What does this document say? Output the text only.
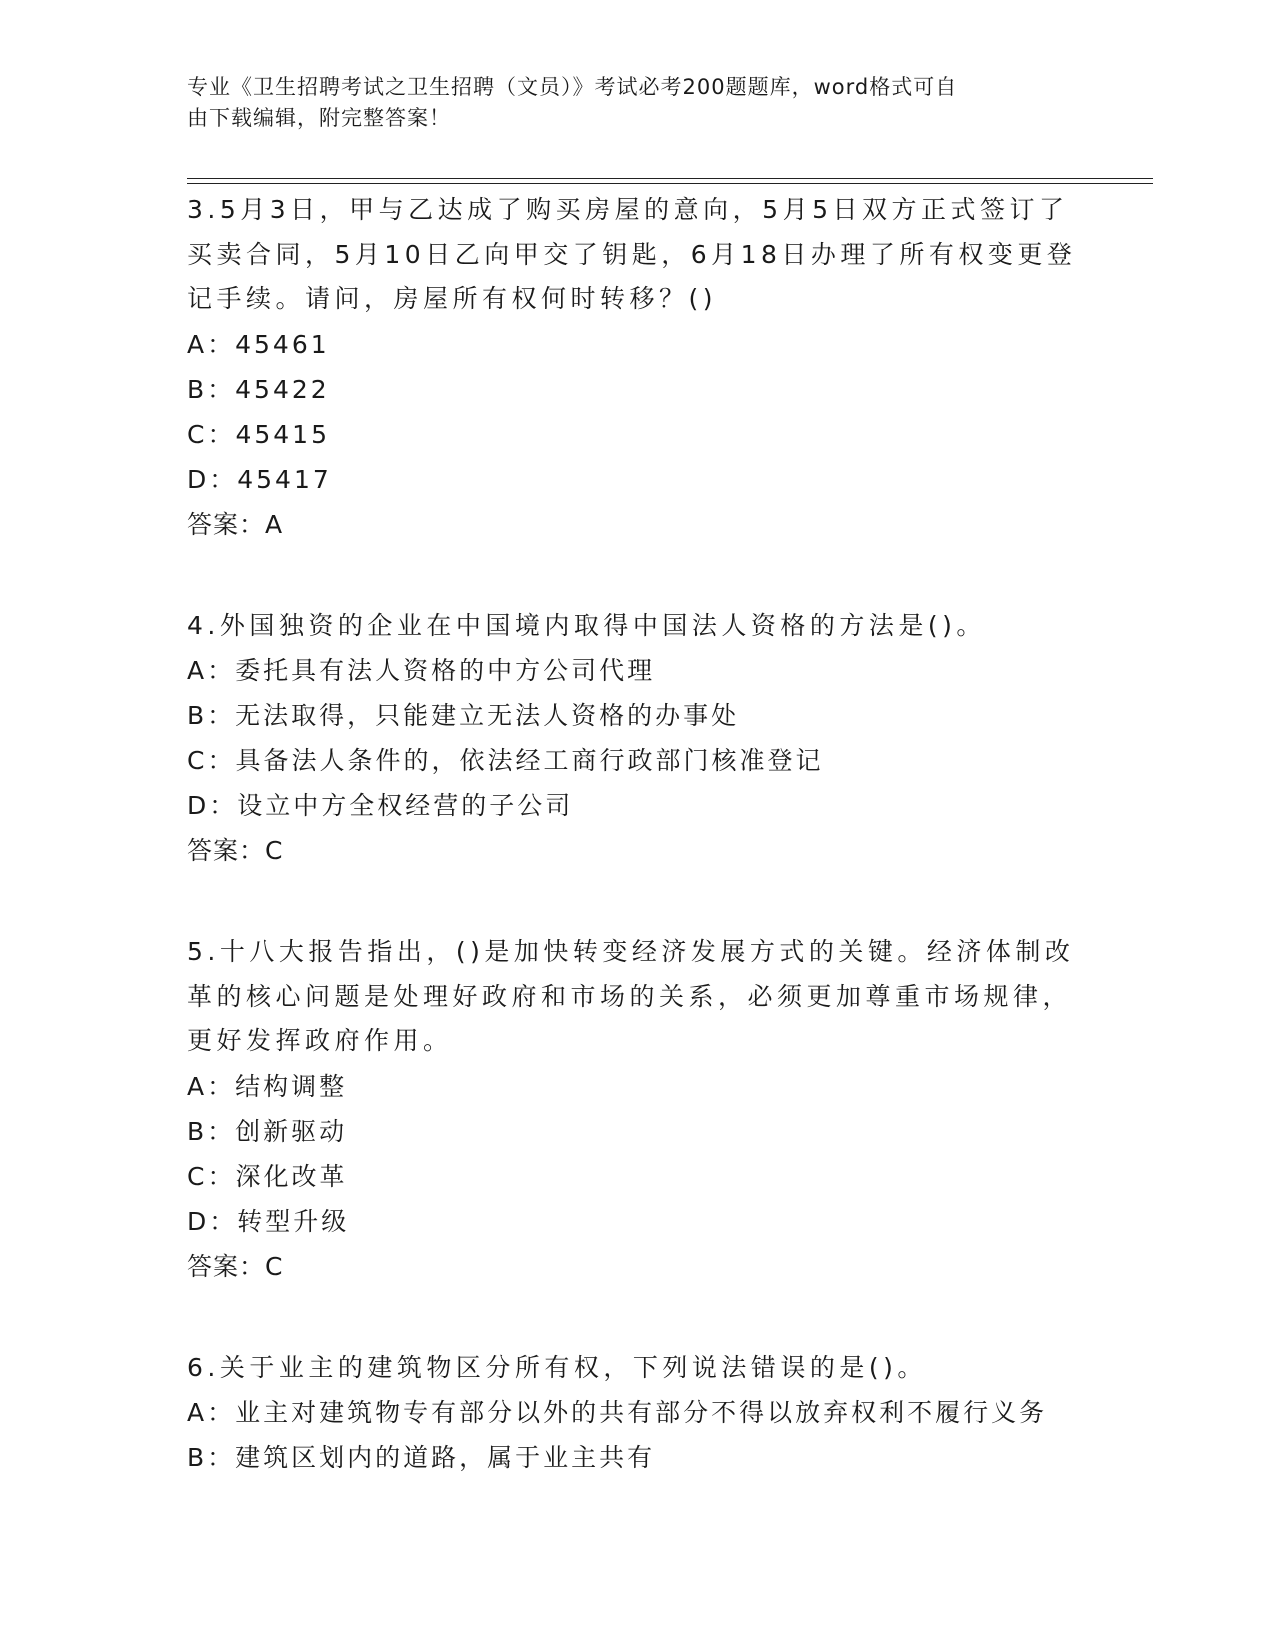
专业《卫生招聘考试之卫生招聘（文员）》考试必考200题题库，word格式可自
由下载编辑，附完整答案！
3.5月3日，甲与乙达成了购买房屋的意向，5月5日双方正式签订了买卖合同，5月10日乙向甲交了钥匙，6月18日办理了所有权变更登记手续。请问，房屋所有权何时转移？()
A：45461
B：45422
C：45415
D：45417
答案：A
4.外国独资的企业在中国境内取得中国法人资格的方法是()。
A：委托具有法人资格的中方公司代理
B：无法取得，只能建立无法人资格的办事处
C：具备法人条件的，依法经工商行政部门核准登记
D：设立中方全权经营的子公司
答案：C
5.十八大报告指出，()是加快转变经济发展方式的关键。经济体制改革的核心问题是处理好政府和市场的关系，必须更加尊重市场规律，更好发挥政府作用。
A：结构调整
B：创新驱动
C：深化改革
D：转型升级
答案：C
6.关于业主的建筑物区分所有权，下列说法错误的是()。
A：业主对建筑物专有部分以外的共有部分不得以放弃权利不履行义务
B：建筑区划内的道路，属于业主共有
